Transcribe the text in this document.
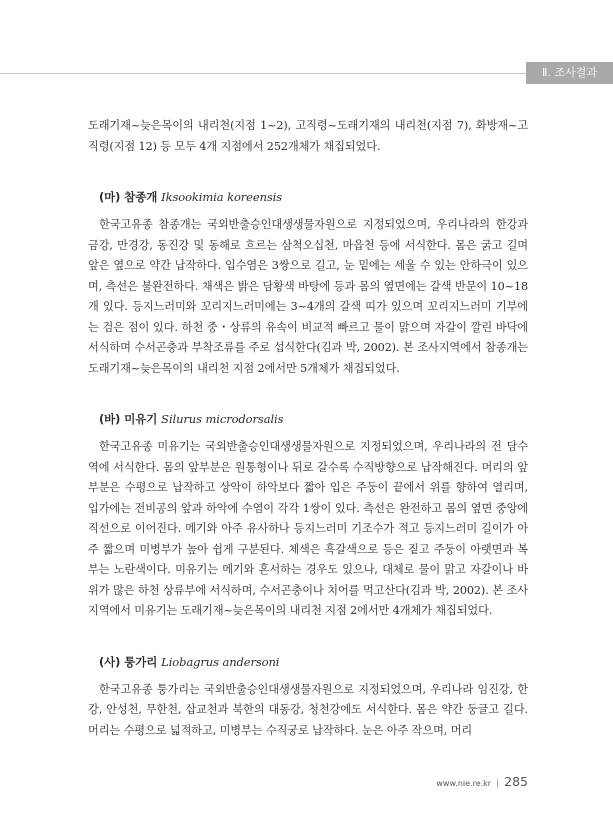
Ⅱ. 조사결과

도래기재~늦은목이의 내리천(지점 1~2), 고직령~도래기재의 내리천(지점 7), 화방재~고직령(지점 12) 등 모두 4개 지점에서 252개체가 채집되었다.

(마) 참종개 Iksookimia koreensis

한국고유종 참종개는 국외반출승인대생생물자원으로 지정되었으며, 우리나라의 한강과 금강, 만경강, 동진강 및 동해로 흐르는 삼척오십천, 마읍천 등에 서식한다. 몸은 굵고 길며 앞은 옆으로 약간 납작하다. 입수염은 3쌍으로 길고, 눈 밑에는 세울 수 있는 안하극이 있으며, 측선은 불완전하다. 채색은 밝은 담황색 바탕에 등과 몸의 옆면에는 갈색 반문이 10~18개 있다. 등지느러미와 꼬리지느러미에는 3~4개의 갈색 띠가 있으며 꼬리지느러미 기부에는 검은 점이 있다. 하천 중・상류의 유속이 비교적 빠르고 물이 맑으며 자갈이 깔린 바닥에 서식하며 수서곤충과 부착조류를 주로 섭식한다(김과 박, 2002). 본 조사지역에서 참종개는 도래기재~늦은목이의 내리천 지점 2에서만 5개체가 채집되었다.

(바) 미유기 Silurus microdorsalis

한국고유종 미유기는 국외반출승인대생생물자원으로 지정되었으며, 우리나라의 전 담수역에 서식한다. 몸의 앞부분은 원통형이나 뒤로 갈수록 수직방향으로 납작해진다. 머리의 앞부분은 수평으로 납작하고 상악이 하악보다 짧아 입은 주둥이 끝에서 위를 향하여 열리며, 입가에는 전비공의 앞과 하악에 수염이 각각 1쌍이 있다. 측선은 완전하고 몸의 옆면 중앙에 직선으로 이어진다. 메기와 아주 유사하나 등지느러미 기조수가 적고 등지느러미 길이가 아주 짧으며 미병부가 높아 쉽게 구분된다. 체색은 흑갈색으로 등은 짙고 주둥이 아랫면과 복부는 노란색이다. 미유기는 메기와 혼서하는 경우도 있으나, 대체로 물이 맑고 자갈이나 바위가 많은 하천 상류부에 서식하며, 수서곤충이나 치어를 먹고산다(김과 박, 2002). 본 조사지역에서 미유기는 도래기재~늦은목이의 내리천 지점 2에서만 4개체가 채집되었다.

(사) 퉁가리 Liobagrus andersoni

한국고유종 퉁가리는 국외반출승인대생생물자원으로 지정되었으며, 우리나라 임진강, 한강, 안성천, 무한천, 삽교천과 북한의 대동강, 청천강에도 서식한다. 몸은 약간 둥글고 길다. 머리는 수평으로 넓적하고, 미병부는 수직궁로 납작하다. 눈은 아주 작으며, 머리

www.nie.re.kr | 285
